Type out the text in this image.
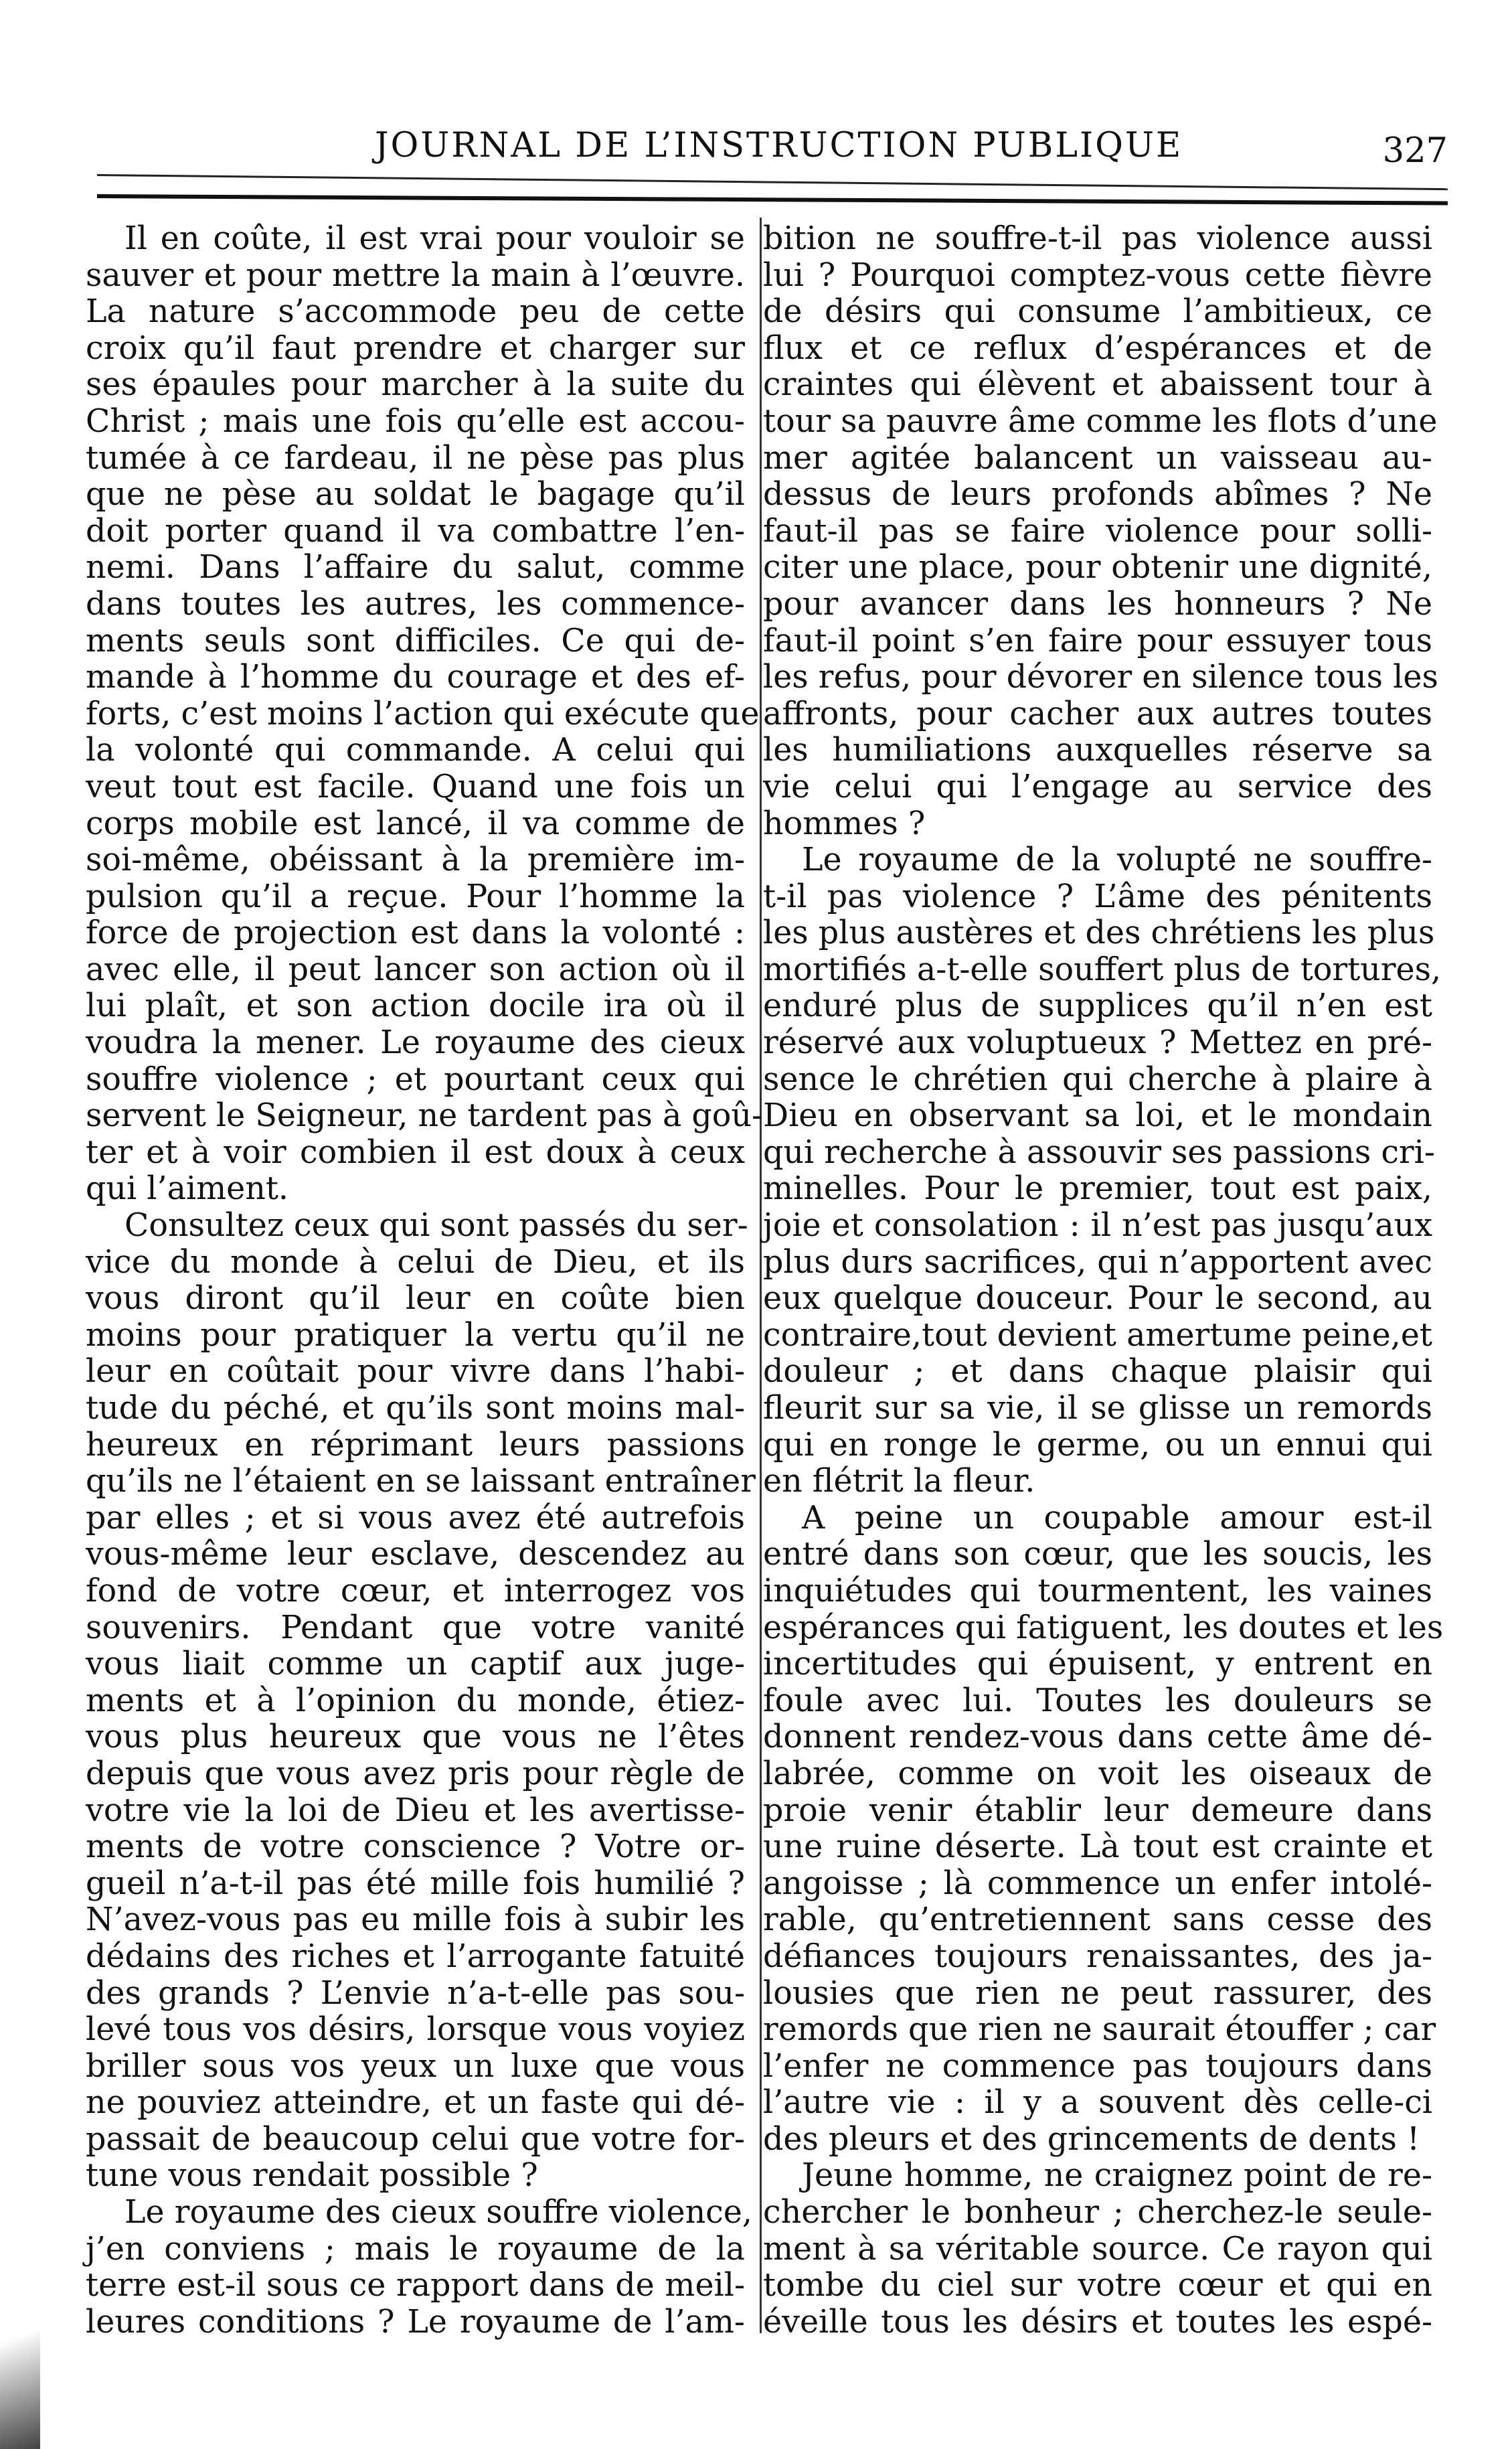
JOURNAL DE L’INSTRUCTION PUBLIQUE	327
Il en coûte, il est vrai pour vouloir se
sauver et pour mettre la main à l’œuvre.
La nature s’accommode peu de cette
croix qu’il faut prendre et charger sur
ses épaules pour marcher à la suite du
Christ ; mais une fois qu’elle est accou-
tumée à ce fardeau, il ne pèse pas plus
que ne pèse au soldat le bagage qu’il
doit porter quand il va combattre l’en-
nemi. Dans l’affaire du salut, comme
dans toutes les autres, les commence-
ments seuls sont difficiles. Ce qui de-
mande à l’homme du courage et des ef-
forts, c’est moins l’action qui exécute que
la volonté qui commande. A celui qui
veut tout est facile. Quand une fois un
corps mobile est lancé, il va comme de
soi-même, obéissant à la première im-
pulsion qu’il a reçue. Pour l’homme la
force de projection est dans la volonté :
avec elle, il peut lancer son action où il
lui plaît, et son action docile ira où il
voudra la mener. Le royaume des cieux
souffre violence ; et pourtant ceux qui
servent le Seigneur, ne tardent pas à goû-
ter et à voir combien il est doux à ceux
qui l’aiment.
Consultez ceux qui sont passés du ser-
vice du monde à celui de Dieu, et ils
vous diront qu’il leur en coûte bien
moins pour pratiquer la vertu qu’il ne
leur en coûtait pour vivre dans l’habi-
tude du péché, et qu’ils sont moins mal-
heureux en réprimant leurs passions
qu’ils ne l’étaient en se laissant entraîner
par elles ; et si vous avez été autrefois
vous-même leur esclave, descendez au
fond de votre cœur, et interrogez vos
souvenirs. Pendant que votre vanité
vous liait comme un captif aux juge-
ments et à l’opinion du monde, étiez-
vous plus heureux que vous ne l’êtes
depuis que vous avez pris pour règle de
votre vie la loi de Dieu et les avertisse-
ments de votre conscience ? Votre or-
gueil n’a-t-il pas été mille fois humilié ?
N’avez-vous pas eu mille fois à subir les
dédains des riches et l’arrogante fatuité
des grands ? L’envie n’a-t-elle pas sou-
levé tous vos désirs, lorsque vous voyiez
briller sous vos yeux un luxe que vous
ne pouviez atteindre, et un faste qui dé-
passait de beaucoup celui que votre for-
tune vous rendait possible ?
Le royaume des cieux souffre violence,
j’en conviens ; mais le royaume de la
terre est-il sous ce rapport dans de meil-
leures conditions ? Le royaume de l’am-
bition ne souffre-t-il pas violence aussi
lui ? Pourquoi comptez-vous cette fièvre
de désirs qui consume l’ambitieux, ce
flux et ce reflux d’espérances et de
craintes qui élèvent et abaissent tour à
tour sa pauvre âme comme les flots d’une
mer agitée balancent un vaisseau au-
dessus de leurs profonds abîmes ? Ne
faut-il pas se faire violence pour solli-
citer une place, pour obtenir une dignité,
pour avancer dans les honneurs ? Ne
faut-il point s’en faire pour essuyer tous
les refus, pour dévorer en silence tous les
affronts, pour cacher aux autres toutes
les humiliations auxquelles réserve sa
vie celui qui l’engage au service des
hommes ?
Le royaume de la volupté ne souffre-
t-il pas violence ? L’âme des pénitents
les plus austères et des chrétiens les plus
mortifiés a-t-elle souffert plus de tortures,
enduré plus de supplices qu’il n’en est
réservé aux voluptueux ? Mettez en pré-
sence le chrétien qui cherche à plaire à
Dieu en observant sa loi, et le mondain
qui recherche à assouvir ses passions cri-
minelles. Pour le premier, tout est paix,
joie et consolation : il n’est pas jusqu’aux
plus durs sacrifices, qui n’apportent avec
eux quelque douceur. Pour le second, au
contraire,tout devient amertume peine,et
douleur ; et dans chaque plaisir qui
fleurit sur sa vie, il se glisse un remords
qui en ronge le germe, ou un ennui qui
en flétrit la fleur.
A peine un coupable amour est-il
entré dans son cœur, que les soucis, les
inquiétudes qui tourmentent, les vaines
espérances qui fatiguent, les doutes et les
incertitudes qui épuisent, y entrent en
foule avec lui. Toutes les douleurs se
donnent rendez-vous dans cette âme dé-
labrée, comme on voit les oiseaux de
proie venir établir leur demeure dans
une ruine déserte. Là tout est crainte et
angoisse ; là commence un enfer intolé-
rable, qu’entretiennent sans cesse des
défiances toujours renaissantes, des ja-
lousies que rien ne peut rassurer, des
remords que rien ne saurait étouffer ; car
l’enfer ne commence pas toujours dans
l’autre vie : il y a souvent dès celle-ci
des pleurs et des grincements de dents !
Jeune homme, ne craignez point de re-
chercher le bonheur ; cherchez-le seule-
ment à sa véritable source. Ce rayon qui
tombe du ciel sur votre cœur et qui en
éveille tous les désirs et toutes les espé-
